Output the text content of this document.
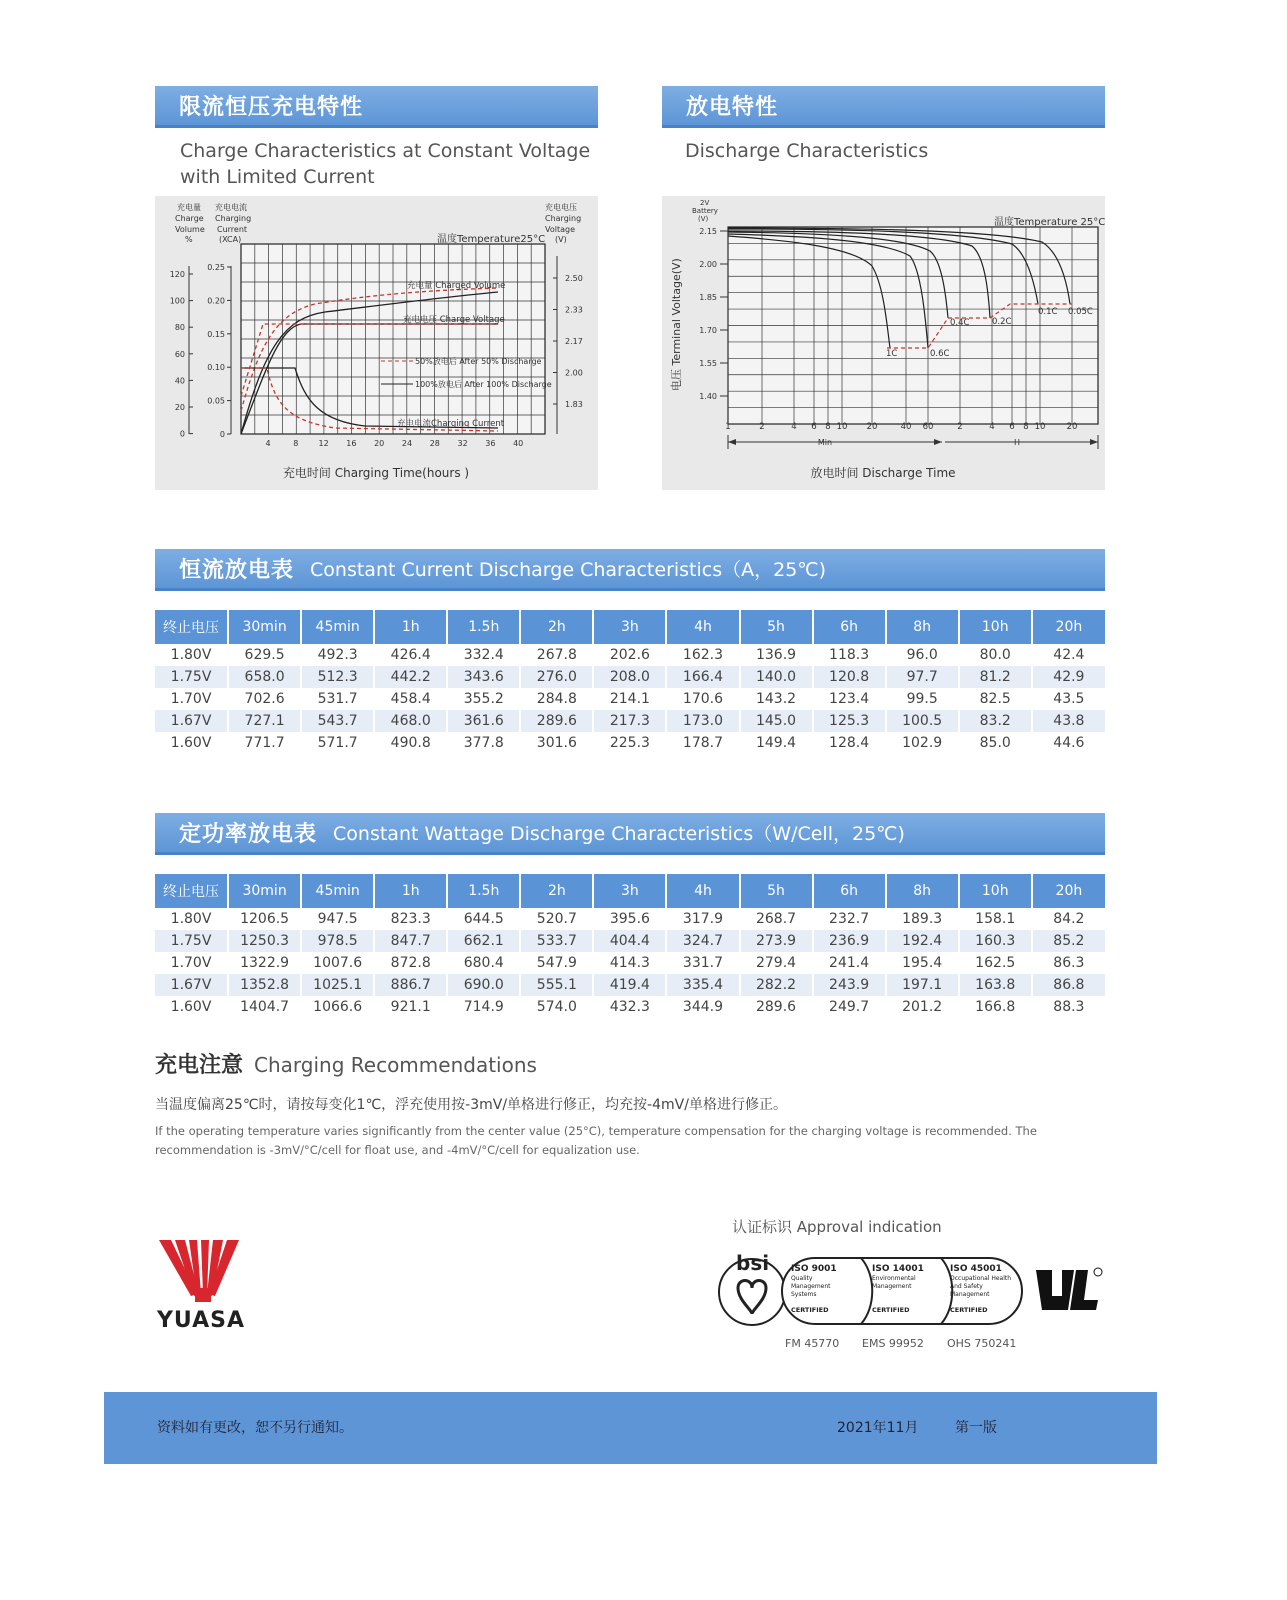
限流恒压充电特性	放电特性
Charge Characteristics at Constant Voltage with Limited Current
Discharge Characteristics
4	8	12 16 20 24 28 32 36 40
120
100
80
60
40
20
0
0.25
0.20
0.15
0.10
0.05
0
2.50
2.33
2.17
2.00
1.83
充电量
Charge
Volume
%
充电电流
Charging
Current
(XCA)
充电电压
Charging
Voltage
(V)
温度Temperature25°C
充电量 Charged Volume
充电电压 Charge Voltage
充电电流Charging Current
50%放电后 After 50% Discharge
100%放电后 After 100% Discharge
充电时间 Charging Time(hours )
2.15
2.00
1.85
1.70
1.55
1.40
1	2	4 6 8 10 20	40 60	2	4 6 8 10 20
2V
Battery
(V)	温度Temperature 25°C
电压 Terminal Voltage(V)	1C	0.6C
0.4C	0.2C
0.1C 0.05C
Min	H
放电时间 Discharge Time
恒流放电表 Constant Current Discharge Characteristics（A，25℃)
终止电压	30min	45min	1h	1.5h	2h	3h	4h	5h	6h	8h	10h	20h
1.80V	629.5	492.3	426.4	332.4	267.8	202.6	162.3	136.9	118.3	96.0	80.0	42.4
1.75V	658.0	512.3	442.2	343.6	276.0	208.0	166.4	140.0	120.8	97.7	81.2	42.9
1.70V	702.6	531.7	458.4	355.2	284.8	214.1	170.6	143.2	123.4	99.5	82.5	43.5
1.67V	727.1	543.7	468.0	361.6	289.6	217.3	173.0	145.0	125.3	100.5	83.2	43.8
1.60V	771.7	571.7	490.8	377.8	301.6	225.3	178.7	149.4	128.4	102.9	85.0	44.6
定功率放电表 Constant Wattage Discharge Characteristics（W/Cell，25℃)
终止电压	30min	45min	1h	1.5h	2h	3h	4h	5h	6h	8h	10h	20h
1.80V	1206.5	947.5	823.3	644.5	520.7	395.6	317.9	268.7	232.7	189.3	158.1	84.2
1.75V	1250.3	978.5	847.7	662.1	533.7	404.4	324.7	273.9	236.9	192.4	160.3	85.2
1.70V	1322.9	1007.6	872.8	680.4	547.9	414.3	331.7	279.4	241.4	195.4	162.5	86.3
1.67V	1352.8	1025.1	886.7	690.0	555.1	419.4	335.4	282.2	243.9	197.1	163.8	86.8
1.60V	1404.7	1066.6	921.1	714.9	574.0	432.3	344.9	289.6	249.7	201.2	166.8	88.3
充电注意 Charging Recommendations
当温度偏离25℃时，请按每变化1℃，浮充使用按-3mV/单格进行修正，均充按-4mV/单格进行修正。
If the operating temperature varies significantly from the center value (25°C), temperature compensation for the charging voltage is recommended. The recommendation is -3mV/°C/cell for float use, and -4mV/°C/cell for equalization use.
YUASA
认证标识 Approval indication
bsi ISO 9001	ISO 14001	ISO 45001
Quality
Management
Systems
Environmental
Management
Occupational Health
And Safety
Management
CERTIFIED	CERTIFIED	CERTIFIED
FM 45770 EMS 99952 OHS 750241
资料如有更改，恕不另行通知。	2021年11月	第一版
